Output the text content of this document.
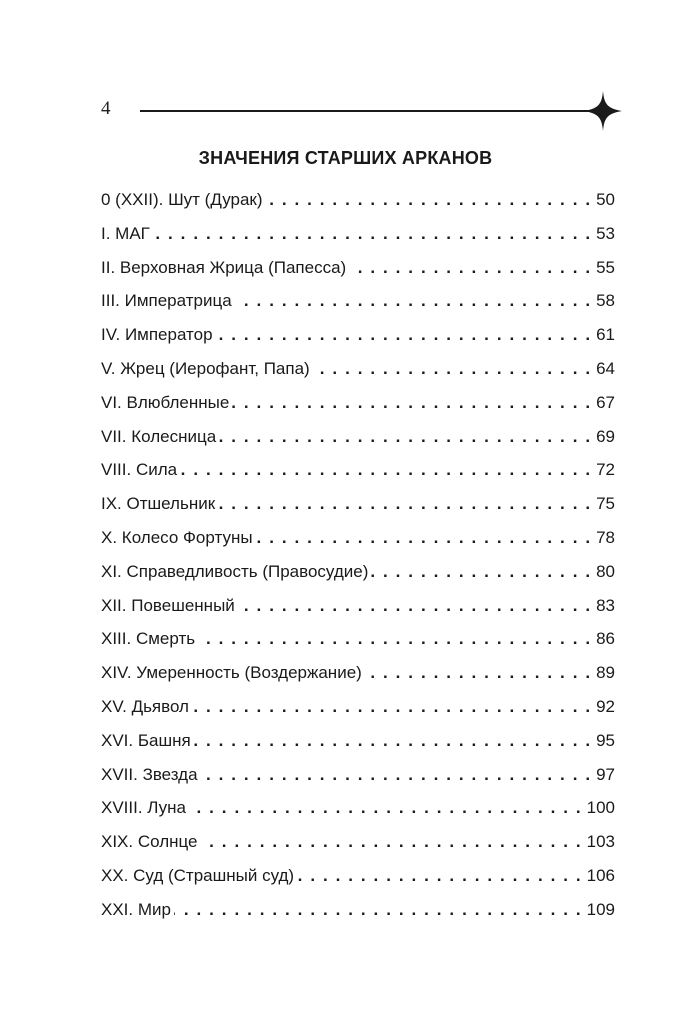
4
ЗНАЧЕНИЯ СТАРШИХ АРКАНОВ
0 (XXII). Шут (Дурак) . . .	50
I. МАГ . . .	53
II. Верховная Жрица (Папесса) . . .	55
III. Императрица . . .	58
IV. Император . . .	61
V. Жрец (Иерофант, Папа) . . .	64
VI. Влюбленные . . .	67
VII. Колесница . . .	69
VIII. Сила . . .	72
IX. Отшельник . . .	75
X. Колесо Фортуны . . .	78
XI. Справедливость (Правосудие) . . .	80
XII. Повешенный . . .	83
XIII. Смерть . . .	86
XIV. Умеренность (Воздержание) . . .	89
XV. Дьявол . . .	92
XVI. Башня . . .	95
XVII. Звезда . . .	97
XVIII. Луна . . .	100
XIX. Солнце . . .	103
XX. Суд (Страшный суд) . . .	106
XXI. Мир . . .	109
